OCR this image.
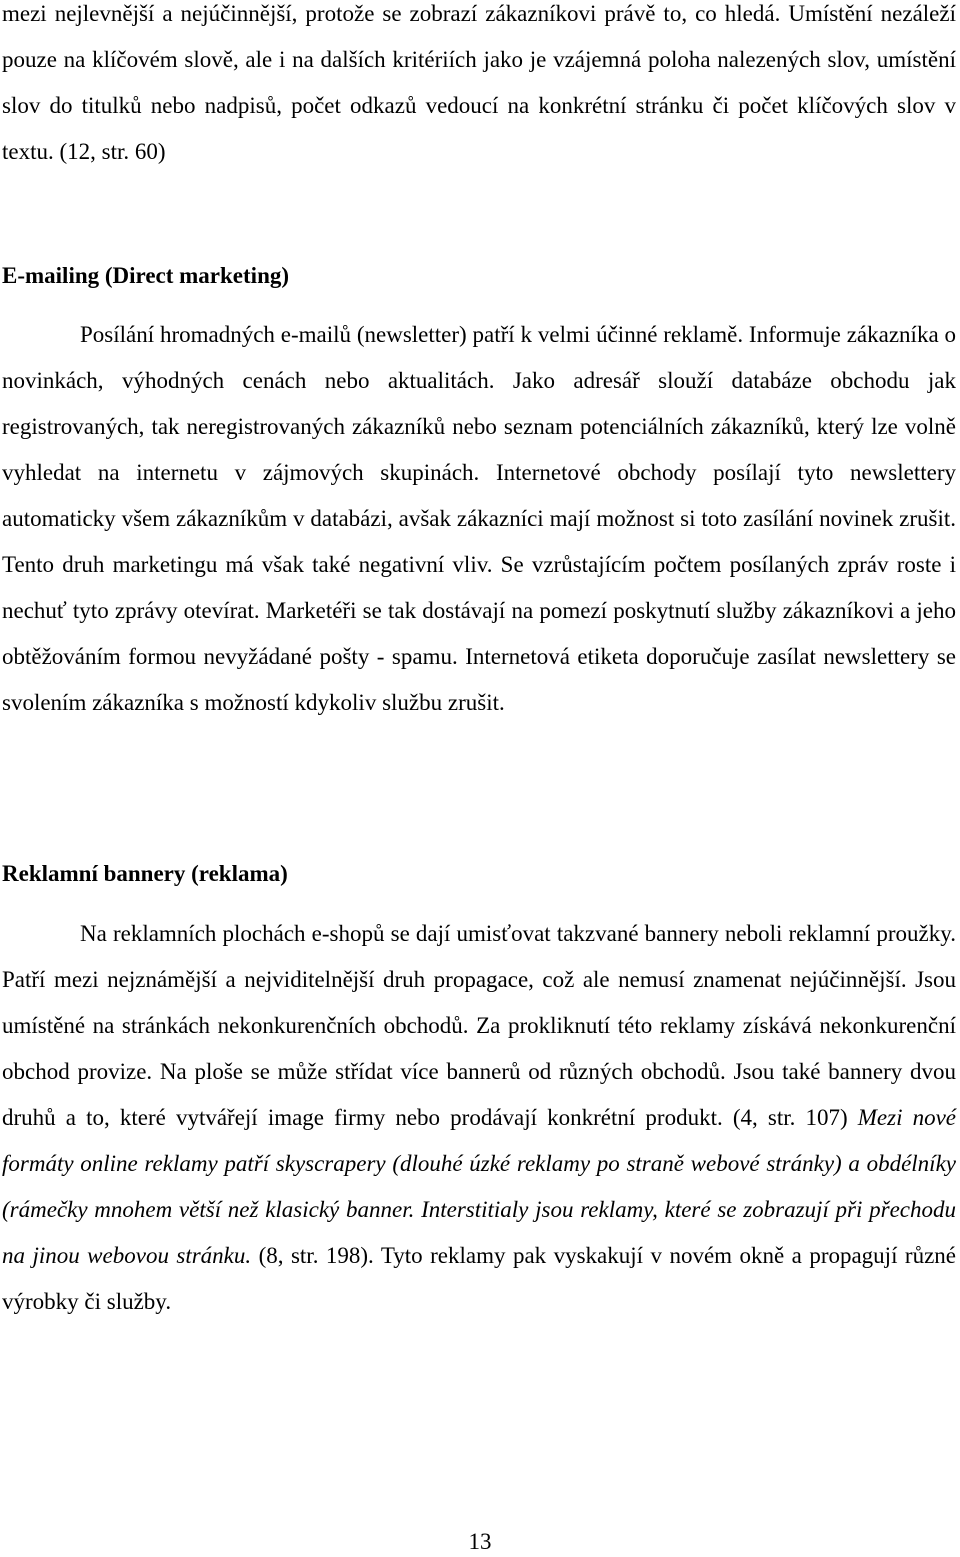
mezi nejlevnější a nejúčinnější, protože se zobrazí zákazníkovi právě to, co hledá. Umístění nezáleží pouze na klíčovém slově, ale i na dalších kritériích jako je vzájemná poloha nalezených slov, umístění slov do titulků nebo nadpisů, počet odkazů vedoucí na konkrétní stránku či počet klíčových slov v textu. (12, str. 60)

E-mailing (Direct marketing)

Posílání hromadných e-mailů (newsletter) patří k velmi účinné reklamě. Informuje zákazníka o novinkách, výhodných cenách nebo aktualitách. Jako adresář slouží databáze obchodu jak registrovaných, tak neregistrovaných zákazníků nebo seznam potenciálních zákazníků, který lze volně vyhledat na internetu v zájmových skupinách. Internetové obchody posílají tyto newslettery automaticky všem zákazníkům v databázi, avšak zákazníci mají možnost si toto zasílání novinek zrušit. Tento druh marketingu má však také negativní vliv. Se vzrůstajícím počtem posílaných zpráv roste i nechuť tyto zprávy otevírat. Marketéři se tak dostávají na pomezí poskytnutí služby zákazníkovi a jeho obtěžováním formou nevyžádané pošty - spamu. Internetová etiketa doporučuje zasílat newslettery se svolením zákazníka s možností kdykoliv službu zrušit.

Reklamní bannery (reklama)

Na reklamních plochách e-shopů se dají umisťovat takzvané bannery neboli reklamní proužky. Patří mezi nejznámější a nejviditelnější druh propagace, což ale nemusí znamenat nejúčinnější. Jsou umístěné na stránkách nekonkurenčních obchodů. Za prokliknutí této reklamy získává nekonkurenční obchod provize. Na ploše se může střídat více bannerů od různých obchodů. Jsou také bannery dvou druhů a to, které vytvářejí image firmy nebo prodávají konkrétní produkt. (4, str. 107) Mezi nové formáty online reklamy patří skyscrapery (dlouhé úzké reklamy po straně webové stránky) a obdélníky (rámečky mnohem větší než klasický banner. Interstitialy jsou reklamy, které se zobrazují při přechodu na jinou webovou stránku. (8, str. 198). Tyto reklamy pak vyskakují v novém okně a propagují různé výrobky či služby.

13
